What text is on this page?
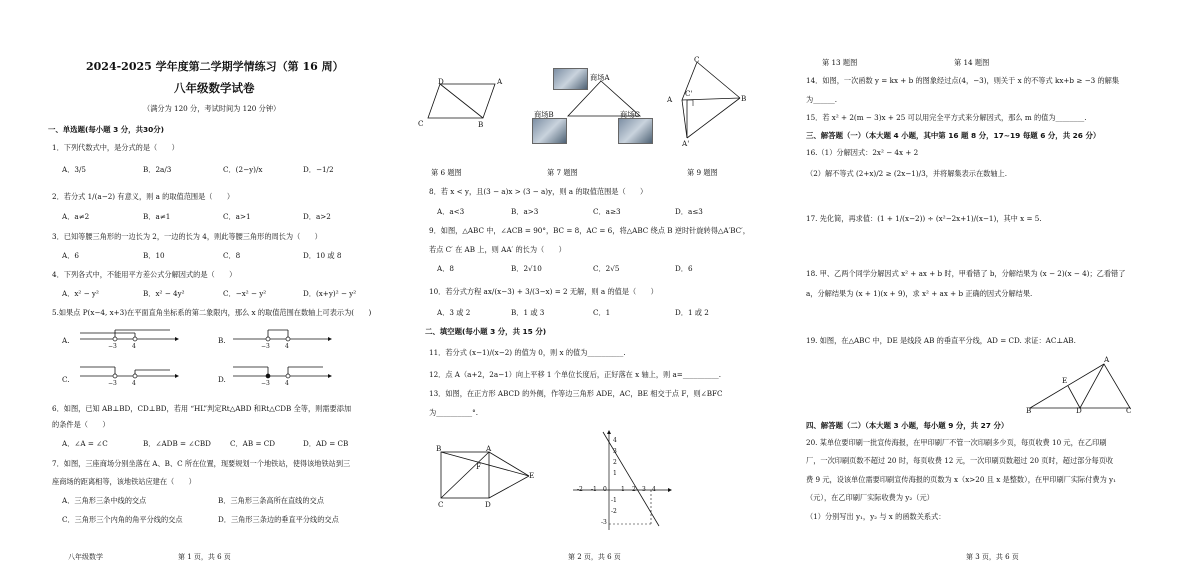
2024-2025 学年度第二学期学情练习（第 16 周）
八年级数学试卷
（满分为 120 分，考试时间为 120 分钟）
一、单选题(每小题 3 分，共30分)
1．下列代数式中，是分式的是（　　）
A．3/5	B．2a/3	C．(2−y)/x	D．−1/2
2．若分式 1/(a−2) 有意义，则 a 的取值范围是（　　）
A．a≠2	B．a≠1	C．a>1	D．a>2
3．已知等腰三角形的一边长为 2，一边的长为 4，则此等腰三角形的周长为（　　）
A．6	B．10	C．8	D．10 或 8
4．下列各式中，不能用平方差公式分解因式的是（　　）
A．x² − y²	B．x² − 4y²	C．−x² − y²	D．(x+y)² − y²
5.如果点 P(x−4, x+3)在平面直角坐标系的第二象限内，那么 x 的取值范围在数轴上可表示为(　　)
A.
−3	4
B.
−3	4
C.	−3	4	D.	−3	4
6．如图，已知 AB⊥BD，CD⊥BD，若用 “HL”判定Rt△ABD 和Rt△CDB 全等，则需要添加
的条件是（　　）
A．∠A = ∠C	B．∠ADB = ∠CBD	C．AB = CD	D．AD = CB
7．如图，三座商场分别坐落在 A、B、C 所在位置，现要规划一个地铁站，使得该地铁站到三
座商场的距离相等，该地铁站应建在（　　）
A．三角形三条中线的交点	B．三角形三条高所在直线的交点
C．三角形三个内角的角平分线的交点	D．三角形三条边的垂直平分线的交点
八年级数学	第 1 页，共 6 页
D	A
C	B
商场A
商场B	商场C
C
A
C'
B
A'
第 6 题图	第 7 题图	第 9 题图
8．若 x < y，且(3 − a)x > (3 − a)y，则 a 的取值范围是（　　）
A．a<3	B．a>3	C．a≥3	D．a≤3
9．如图，△ABC 中，∠ACB = 90°，BC = 8，AC = 6，将△ABC 绕点 B 逆时针旋转得△A′BC′，
若点 C′ 在 AB 上，则 AA′ 的长为（　　）
A．8	B．2√10	C．2√5	D．6
10．若分式方程 ax/(x−3) + 3/(3−x) = 2 无解，则 a 的值是（　　）
A．3 或 2	B．1 或 3	C．1	D．1 或 2
二、填空题(每小题 3 分，共 15 分)
11．若分式 (x−1)/(x−2) 的值为 0，则 x 的值为__________.
12．点 A（a+2，2a−1）向上平移 1 个单位长度后，正好落在 x 轴上，则 a=__________.
13．如图，在正方形 ABCD 的外侧，作等边三角形 ADE，AC，BE 相交于点 F，则∠BFC
为__________°.
B	A
F
E
C	D
4
3
2
1
-1
-2
-3
-2 -1 0 1 2 3 4
第 2 页，共 6 页
第 13 题图	第 14 题图
14．如图，一次函数 y = kx + b 的图象经过点(4，−3)，则关于 x 的不等式 kx+b ≥ −3 的解集
为______.
15．若 x² + 2(m − 3)x + 25 可以用完全平方式来分解因式，那么 m 的值为________.
三、解答题（一）（本大题 4 小题，其中第 16 题 8 分，17~19 每题 6 分，共 26 分）
16.（1）分解因式：2x² − 4x + 2
（2）解不等式 (2+x)/2 ≥ (2x−1)/3，并将解集表示在数轴上.
17. 先化简，再求值：(1 + 1/(x−2)) ÷ (x²−2x+1)/(x−1)，其中 x = 5.
18. 甲、乙两个同学分解因式 x² + ax + b 时，甲看错了 b，分解结果为 (x − 2)(x − 4)；乙看错了
a，分解结果为 (x + 1)(x + 9)，求 x² + ax + b 正确的因式分解结果.
19. 如图，在△ABC 中，DE 是线段 AB 的垂直平分线，AD = CD. 求证：AC⊥AB.
A
E
B	D	C
四、解答题（二）（本大题 3 小题，每小题 9 分，共 27 分）
20. 某单位要印刷一批宣传海报，在甲印刷厂不管一次印刷多少页，每页收费 10 元，在乙印刷
厂，一次印刷页数不超过 20 时，每页收费 12 元，一次印刷页数超过 20 页时，超过部分每页收
费 9 元，设该单位需要印刷宣传海报的页数为 x（x>20 且 x 是整数），在甲印刷厂实际付费为 y₁
（元），在乙印刷厂实际收费为 y₂（元）
（1）分别写出 y₁，y₂ 与 x 的函数关系式：
第 3 页，共 6 页
